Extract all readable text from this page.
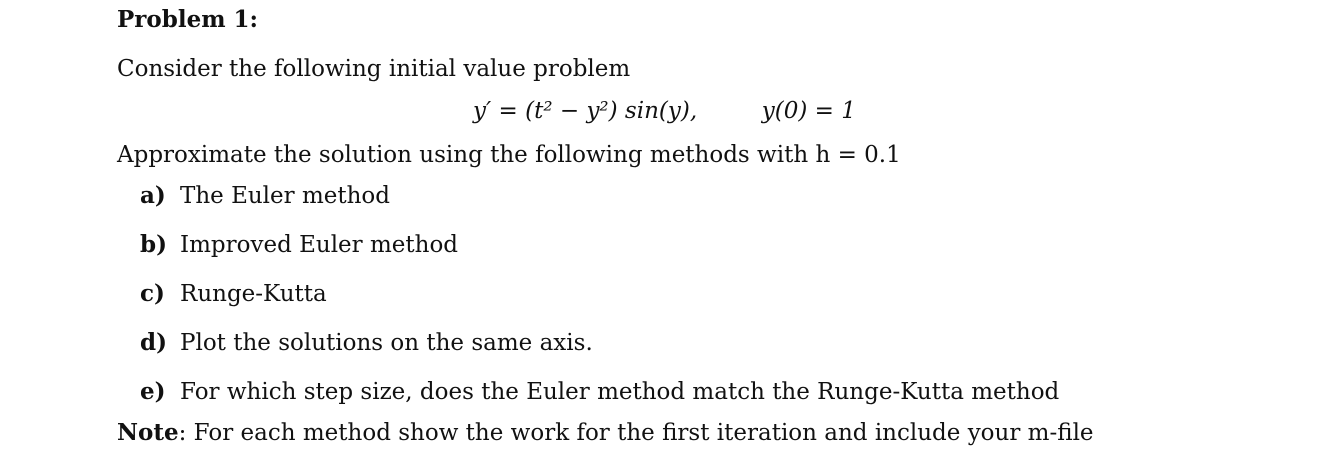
Problem 1:
Consider the following initial value problem
y′ = (t² − y²) sin(y),	y(0) = 1
Approximate the solution using the following methods with h = 0.1
a) The Euler method
b) Improved Euler method
c) Runge-Kutta
d) Plot the solutions on the same axis.
e) For which step size, does the Euler method match the Runge-Kutta method
Note: For each method show the work for the first iteration and include your m-file
